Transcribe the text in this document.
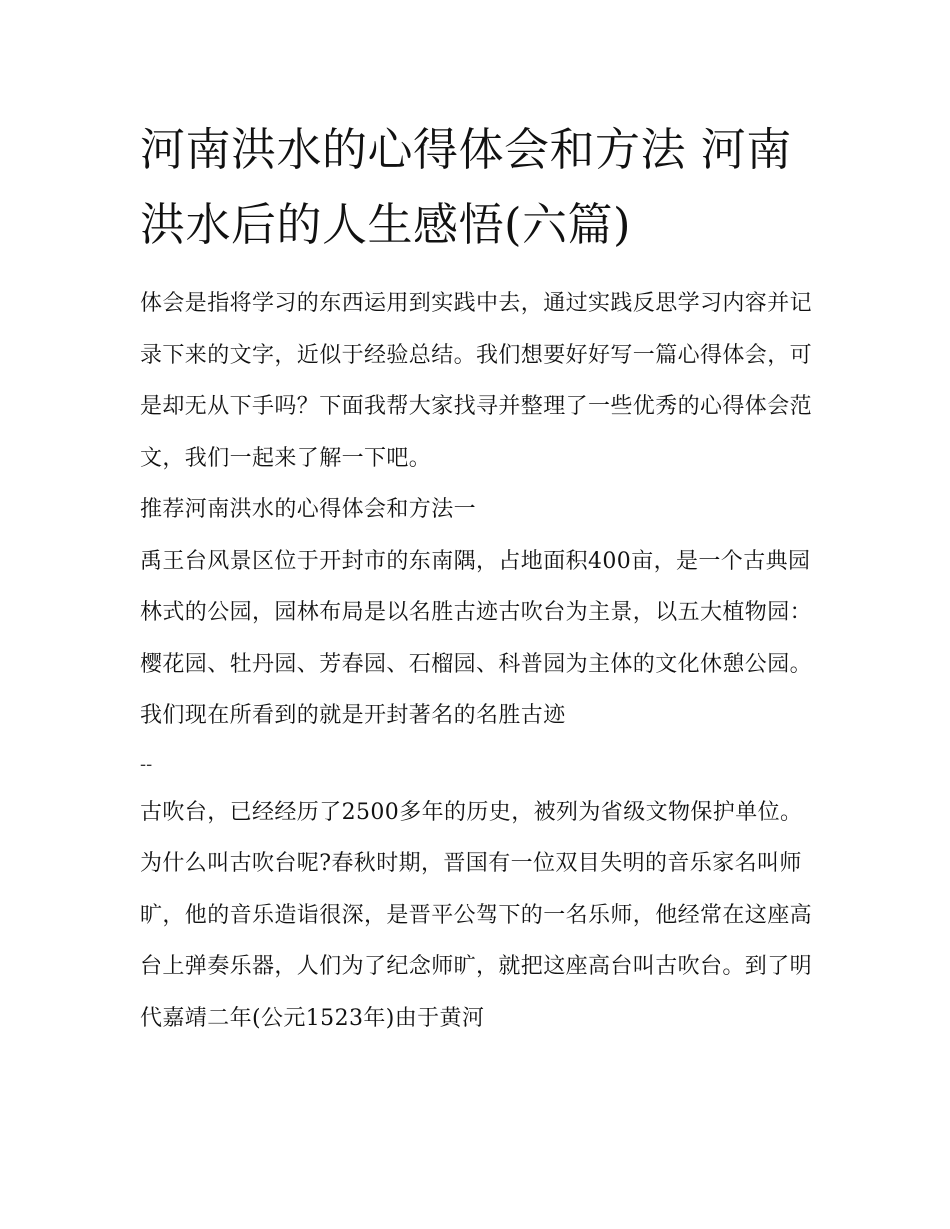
河南洪水的心得体会和方法 河南洪水后的人生感悟(六篇)

体会是指将学习的东西运用到实践中去，通过实践反思学习内容并记录下来的文字，近似于经验总结。我们想要好好写一篇心得体会，可是却无从下手吗？下面我帮大家找寻并整理了一些优秀的心得体会范文，我们一起来了解一下吧。

推荐河南洪水的心得体会和方法一

禹王台风景区位于开封市的东南隅，占地面积400亩，是一个古典园林式的公园，园林布局是以名胜古迹古吹台为主景，以五大植物园：樱花园、牡丹园、芳春园、石榴园、科普园为主体的文化休憩公园。我们现在所看到的就是开封著名的名胜古迹

--

古吹台，已经经历了2500多年的历史，被列为省级文物保护单位。为什么叫古吹台呢?春秋时期，晋国有一位双目失明的音乐家名叫师旷，他的音乐造诣很深，是晋平公驾下的一名乐师，他经常在这座高台上弹奏乐器，人们为了纪念师旷，就把这座高台叫古吹台。到了明代嘉靖二年(公元1523年)由于黄河
